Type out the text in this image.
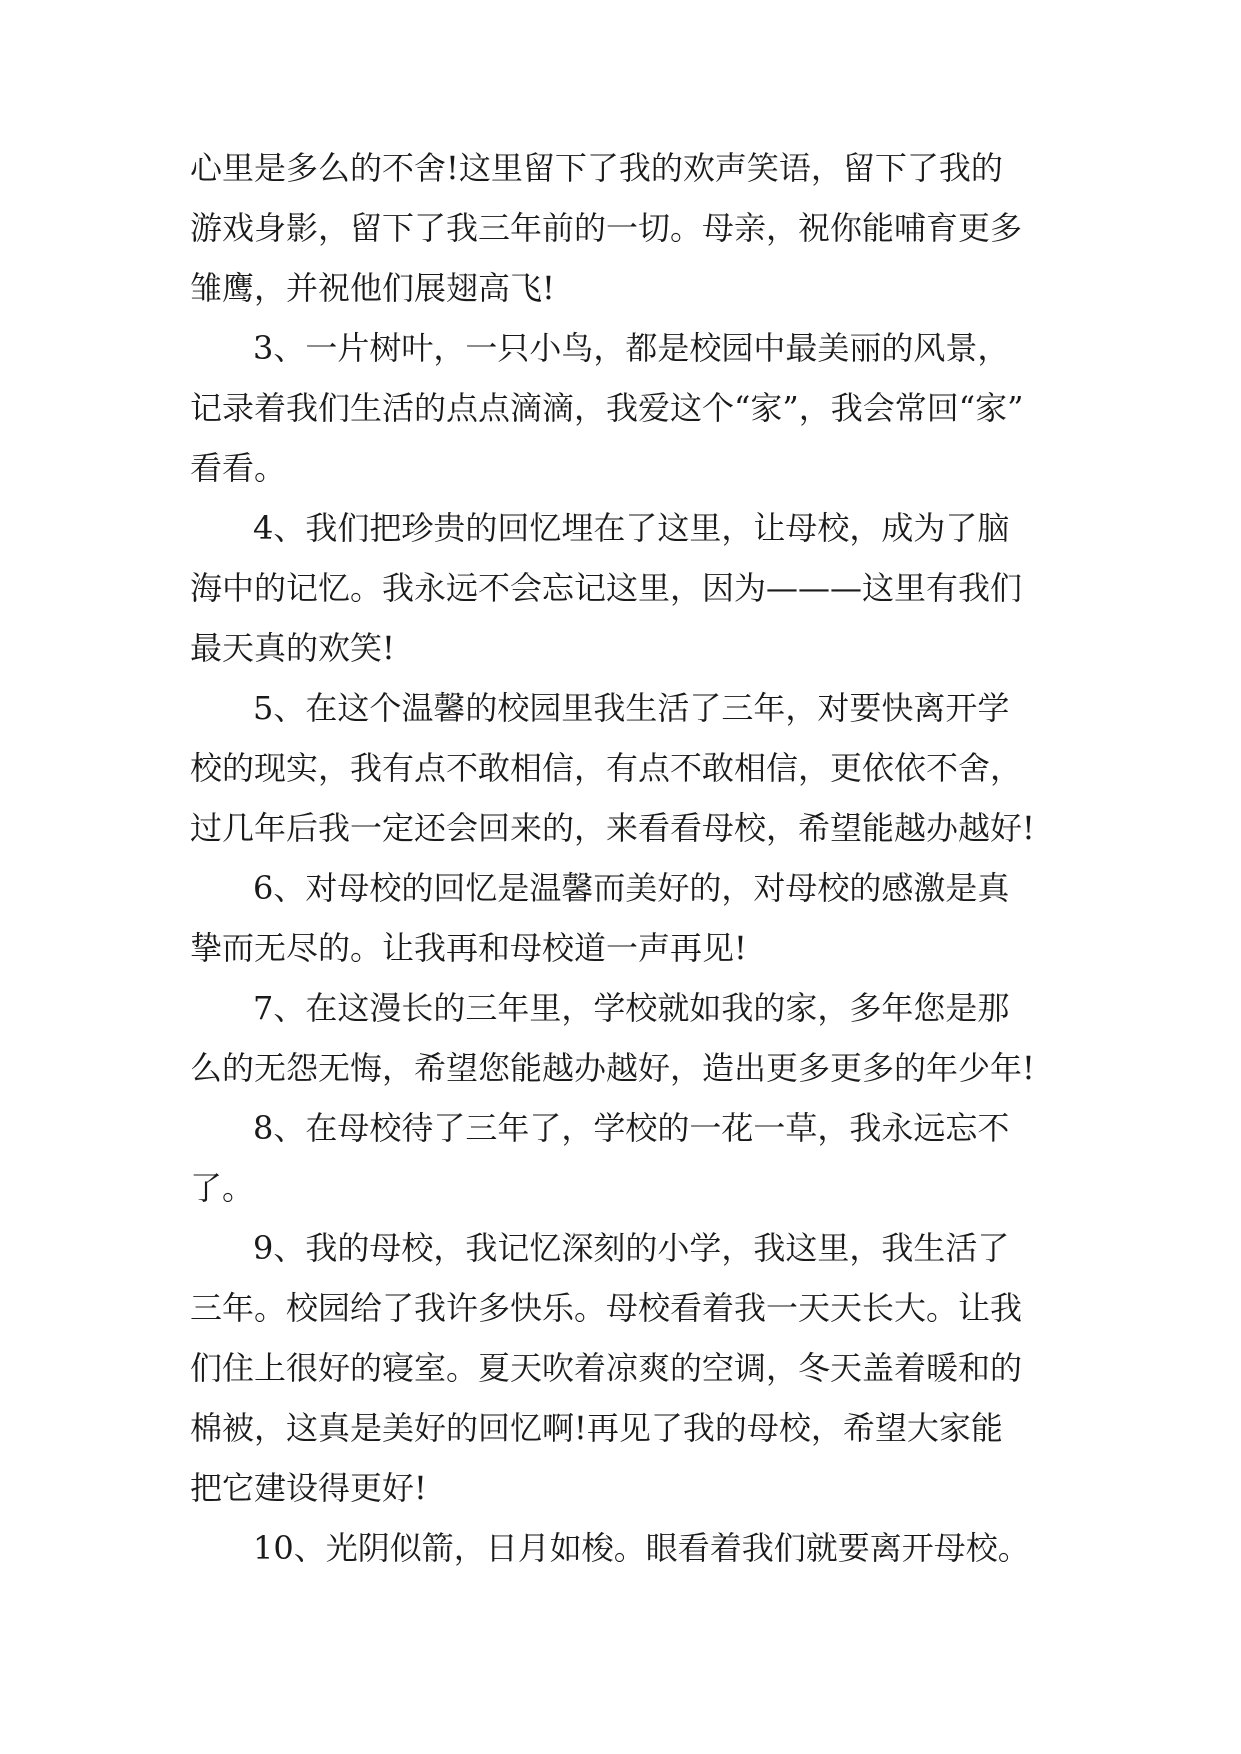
心里是多么的不舍!这里留下了我的欢声笑语，留下了我的
游戏身影，留下了我三年前的一切。母亲，祝你能哺育更多
雏鹰，并祝他们展翅高飞!
3、一片树叶，一只小鸟，都是校园中最美丽的风景，
记录着我们生活的点点滴滴，我爱这个“家”，我会常回“家”
看看。
4、我们把珍贵的回忆埋在了这里，让母校，成为了脑
海中的记忆。我永远不会忘记这里，因为———这里有我们
最天真的欢笑!
5、在这个温馨的校园里我生活了三年，对要快离开学
校的现实，我有点不敢相信，有点不敢相信，更依依不舍，
过几年后我一定还会回来的，来看看母校，希望能越办越好!
6、对母校的回忆是温馨而美好的，对母校的感激是真
挚而无尽的。让我再和母校道一声再见!
7、在这漫长的三年里，学校就如我的家，多年您是那
么的无怨无悔，希望您能越办越好，造出更多更多的年少年!
8、在母校待了三年了，学校的一花一草，我永远忘不
了。
9、我的母校，我记忆深刻的小学，我这里，我生活了
三年。校园给了我许多快乐。母校看着我一天天长大。让我
们住上很好的寝室。夏天吹着凉爽的空调，冬天盖着暖和的
棉被，这真是美好的回忆啊!再见了我的母校，希望大家能
把它建设得更好!
10、光阴似箭，日月如梭。眼看着我们就要离开母校。
